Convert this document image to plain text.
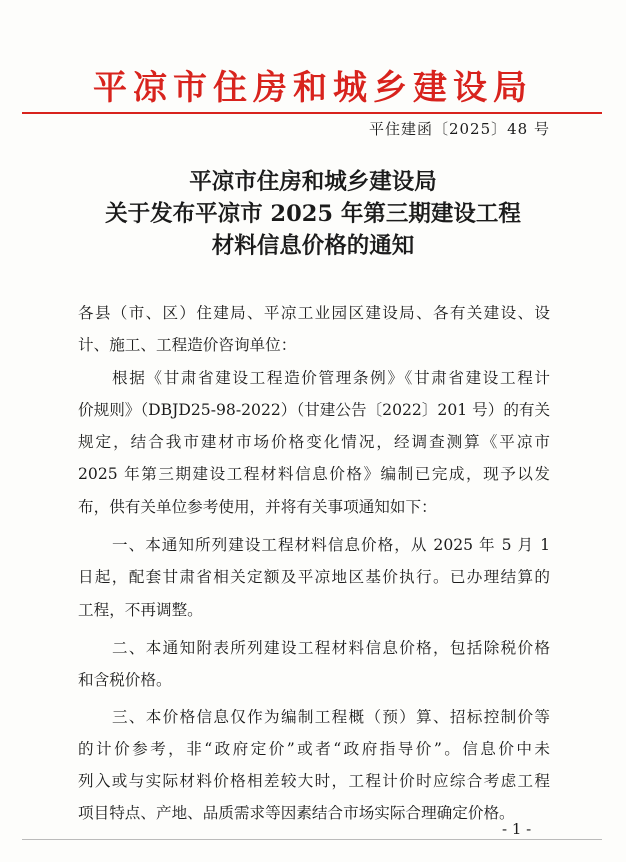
平凉市住房和城乡建设局
平住建函〔2025〕48 号
平凉市住房和城乡建设局
关于发布平凉市 2025 年第三期建设工程
材料信息价格的通知
各县（市、区）住建局、平凉工业园区建设局、各有关建设、设
计、施工、工程造价咨询单位：
根据《甘肃省建设工程造价管理条例》《甘肃省建设工程计
价规则》（DBJD25-98-2022）（甘建公告〔2022〕201 号）的有关
规定，结合我市建材市场价格变化情况，经调查测算《平凉市
2025 年第三期建设工程材料信息价格》编制已完成，现予以发
布，供有关单位参考使用，并将有关事项通知如下：
一、本通知所列建设工程材料信息价格，从 2025 年 5 月 1
日起，配套甘肃省相关定额及平凉地区基价执行。已办理结算的
工程，不再调整。
二、本通知附表所列建设工程材料信息价格，包括除税价格
和含税价格。
三、本价格信息仅作为编制工程概（预）算、招标控制价等
的计价参考，非“政府定价”或者“政府指导价”。信息价中未
列入或与实际材料价格相差较大时，工程计价时应综合考虑工程
项目特点、产地、品质需求等因素结合市场实际合理确定价格。
- 1 -
